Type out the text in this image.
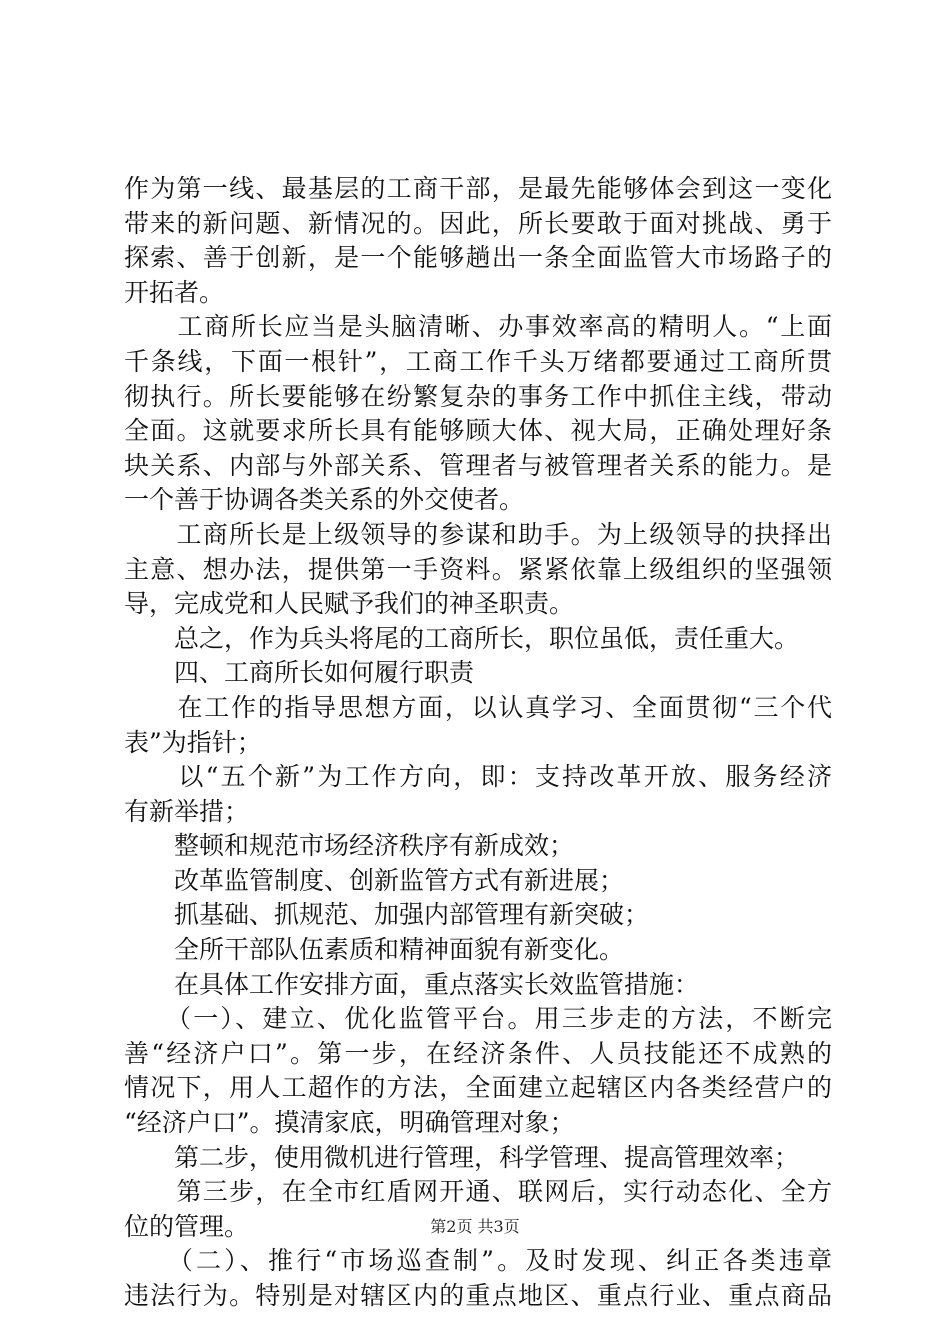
作为第一线、最基层的工商干部，是最先能够体会到这一变化
带来的新问题、新情况的。因此，所长要敢于面对挑战、勇于
探索、善于创新，是一个能够趟出一条全面监管大市场路子的
开拓者。
　　工商所长应当是头脑清晰、办事效率高的精明人。“上面
千条线，下面一根针”，工商工作千头万绪都要通过工商所贯
彻执行。所长要能够在纷繁复杂的事务工作中抓住主线，带动
全面。这就要求所长具有能够顾大体、视大局，正确处理好条
块关系、内部与外部关系、管理者与被管理者关系的能力。是
一个善于协调各类关系的外交使者。
　　工商所长是上级领导的参谋和助手。为上级领导的抉择出
主意、想办法，提供第一手资料。紧紧依靠上级组织的坚强领
导，完成党和人民赋予我们的神圣职责。
　　总之，作为兵头将尾的工商所长，职位虽低，责任重大。
　　四、工商所长如何履行职责
　　在工作的指导思想方面，以认真学习、全面贯彻“三个代
表”为指针；
　　以“五个新”为工作方向，即：支持改革开放、服务经济
有新举措；
　　整顿和规范市场经济秩序有新成效；
　　改革监管制度、创新监管方式有新进展；
　　抓基础、抓规范、加强内部管理有新突破；
　　全所干部队伍素质和精神面貌有新变化。
　　在具体工作安排方面，重点落实长效监管措施：
　　（一）、建立、优化监管平台。用三步走的方法，不断完
善“经济户口”。第一步，在经济条件、人员技能还不成熟的
情况下，用人工超作的方法，全面建立起辖区内各类经营户的
“经济户口”。摸清家底，明确管理对象；
　　第二步，使用微机进行管理，科学管理、提高管理效率；
　　第三步，在全市红盾网开通、联网后，实行动态化、全方
位的管理。
　　（二）、推行“市场巡查制”。及时发现、纠正各类违章
违法行为。特别是对辖区内的重点地区、重点行业、重点商品
第2页 共3页
